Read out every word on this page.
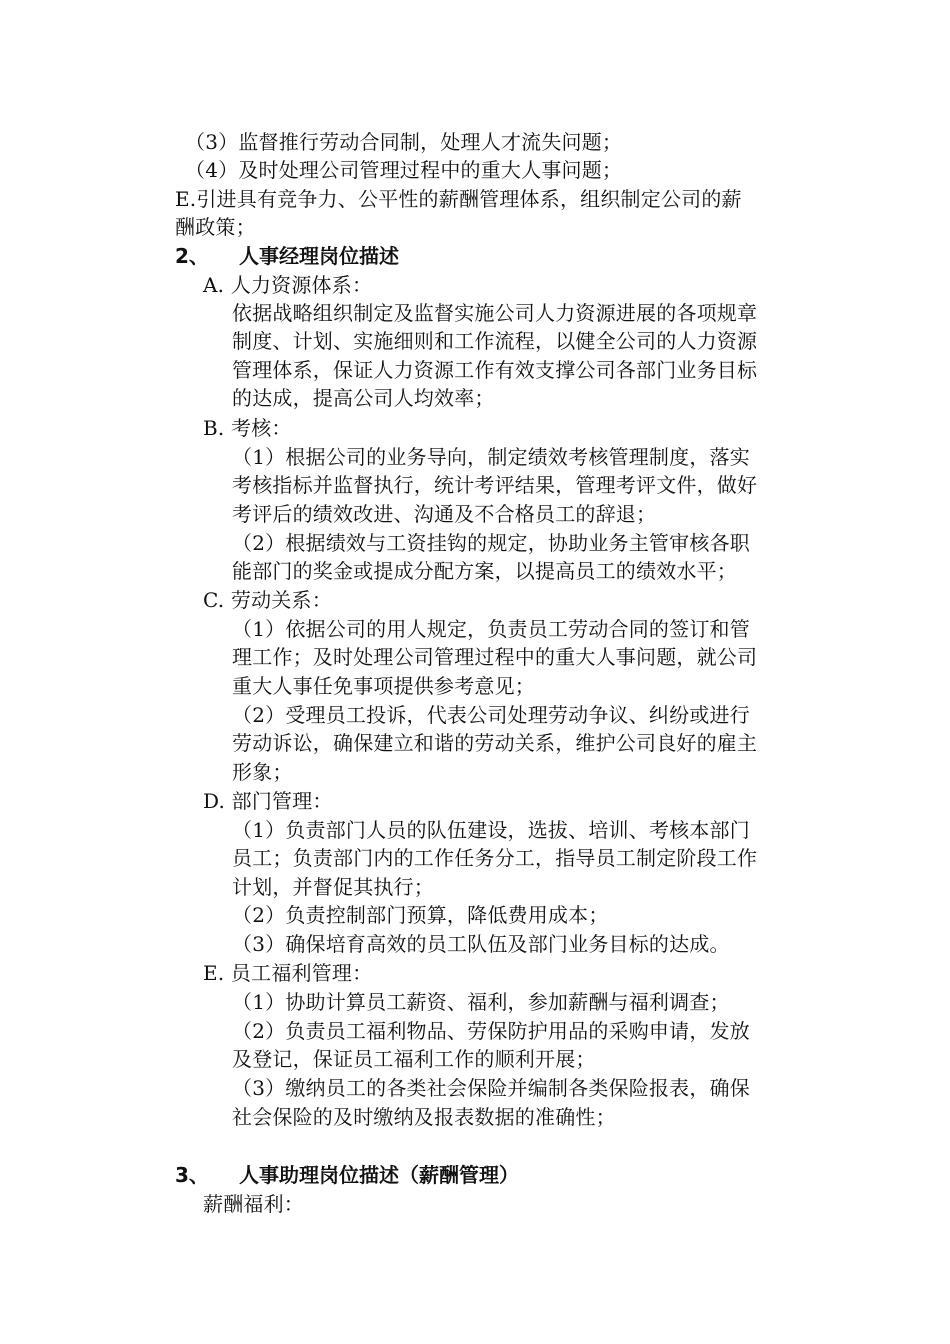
（3）监督推行劳动合同制，处理人才流失问题；
（4）及时处理公司管理过程中的重大人事问题；
E.引进具有竞争力、公平性的薪酬管理体系，组织制定公司的薪
酬政策；
2、 人事经理岗位描述
A. 人力资源体系：
依据战略组织制定及监督实施公司人力资源进展的各项规章
制度、计划、实施细则和工作流程，以健全公司的人力资源
管理体系，保证人力资源工作有效支撑公司各部门业务目标
的达成，提高公司人均效率；
B. 考核：
（1）根据公司的业务导向，制定绩效考核管理制度，落实
考核指标并监督执行，统计考评结果，管理考评文件，做好
考评后的绩效改进、沟通及不合格员工的辞退；
（2）根据绩效与工资挂钩的规定，协助业务主管审核各职
能部门的奖金或提成分配方案，以提高员工的绩效水平；
C. 劳动关系：
（1）依据公司的用人规定，负责员工劳动合同的签订和管
理工作；及时处理公司管理过程中的重大人事问题，就公司
重大人事任免事项提供参考意见；
（2）受理员工投诉，代表公司处理劳动争议、纠纷或进行
劳动诉讼，确保建立和谐的劳动关系，维护公司良好的雇主
形象；
D. 部门管理：
（1）负责部门人员的队伍建设，选拔、培训、考核本部门
员工；负责部门内的工作任务分工，指导员工制定阶段工作
计划，并督促其执行；
（2）负责控制部门预算，降低费用成本；
（3）确保培育高效的员工队伍及部门业务目标的达成。
E. 员工福利管理：
（1）协助计算员工薪资、福利，参加薪酬与福利调查；
（2）负责员工福利物品、劳保防护用品的采购申请，发放
及登记，保证员工福利工作的顺利开展；
（3）缴纳员工的各类社会保险并编制各类保险报表，确保
社会保险的及时缴纳及报表数据的准确性；
3、 人事助理岗位描述（薪酬管理）
薪酬福利：
